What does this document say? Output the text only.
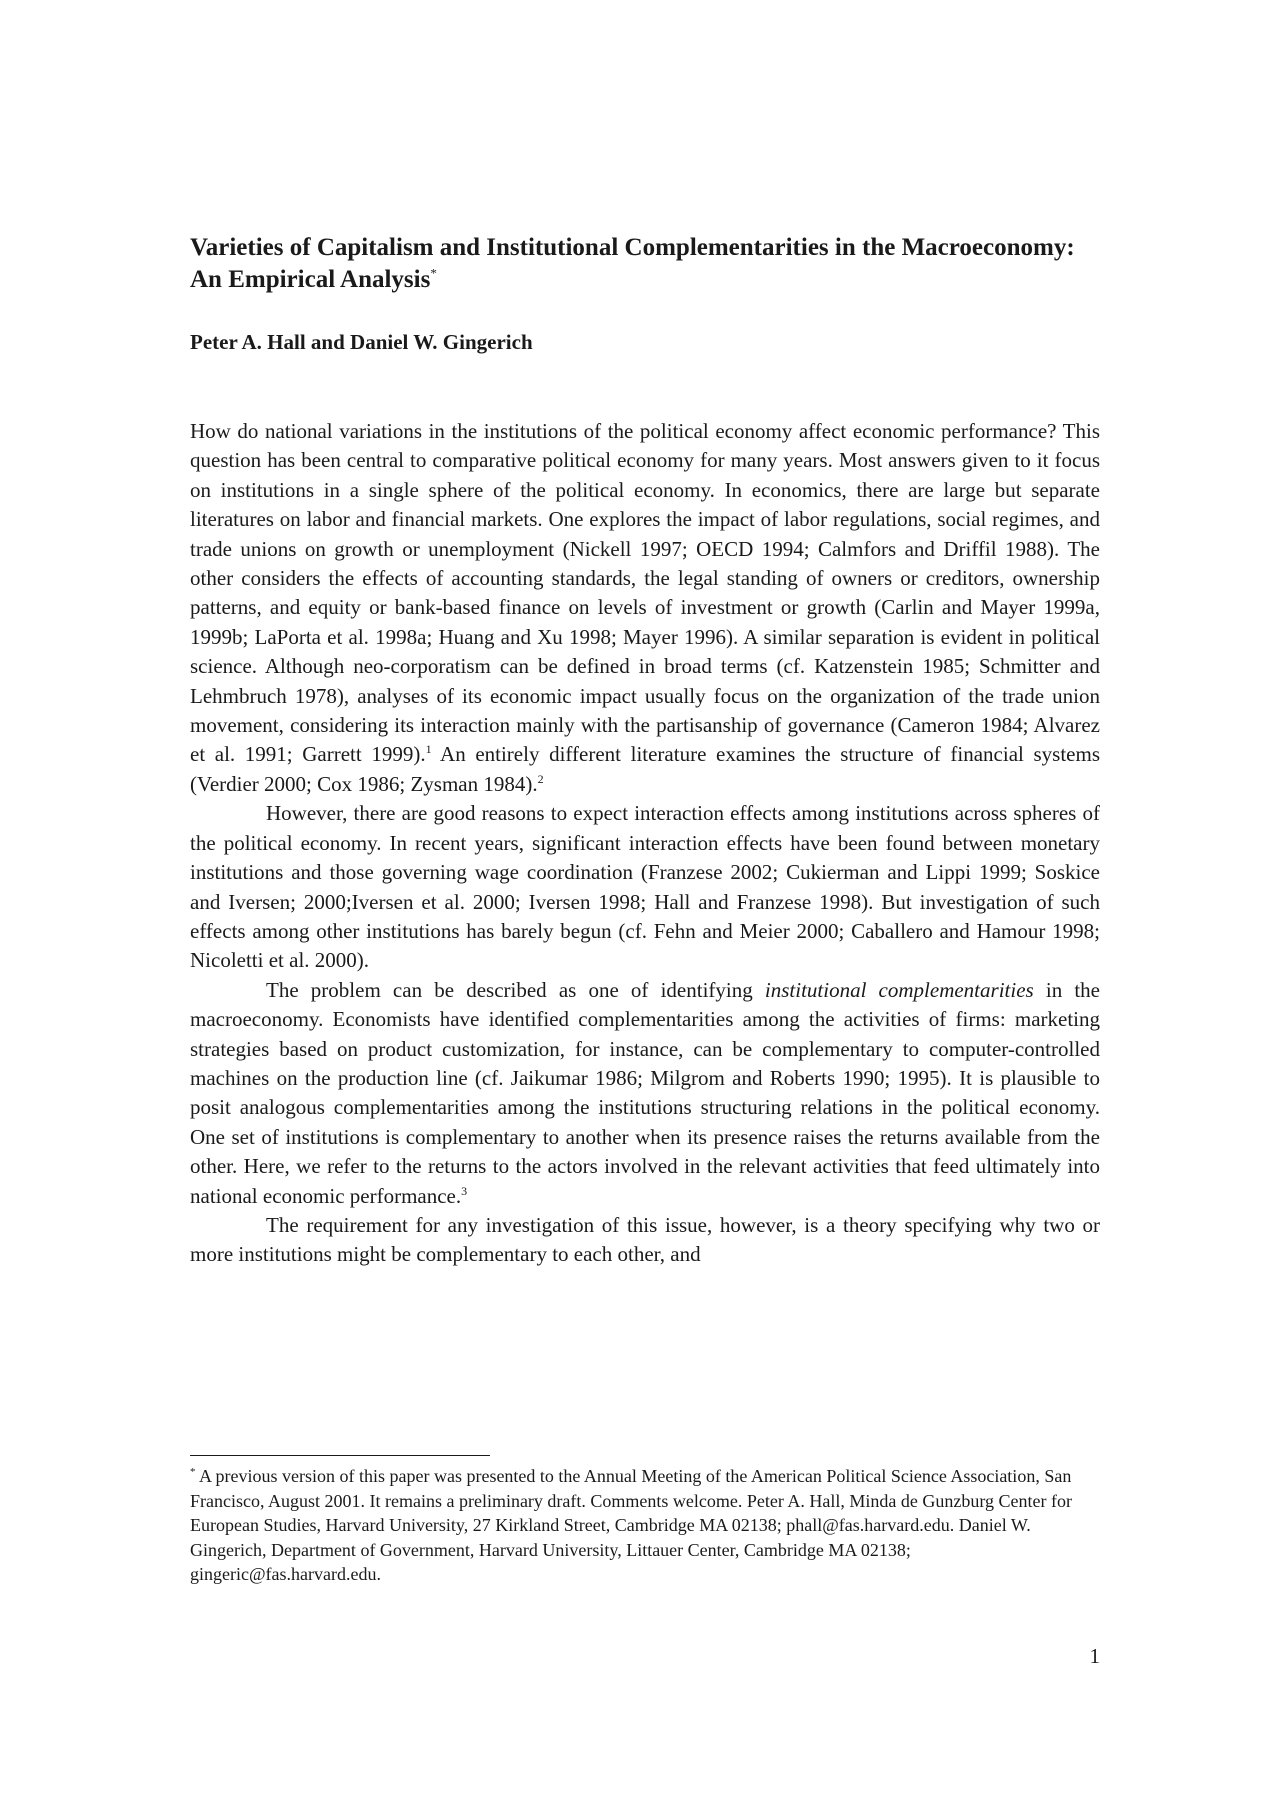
Varieties of Capitalism and Institutional Complementarities in the Macroeconomy: An Empirical Analysis*

Peter A. Hall and Daniel W. Gingerich

How do national variations in the institutions of the political economy affect economic performance? This question has been central to comparative political economy for many years. Most answers given to it focus on institutions in a single sphere of the political economy. In economics, there are large but separate literatures on labor and financial markets. One explores the impact of labor regulations, social regimes, and trade unions on growth or unemployment (Nickell 1997; OECD 1994; Calmfors and Driffil 1988). The other considers the effects of accounting standards, the legal standing of owners or creditors, ownership patterns, and equity or bank-based finance on levels of investment or growth (Carlin and Mayer 1999a, 1999b; LaPorta et al. 1998a; Huang and Xu 1998; Mayer 1996). A similar separation is evident in political science. Although neo-corporatism can be defined in broad terms (cf. Katzenstein 1985; Schmitter and Lehmbruch 1978), analyses of its economic impact usually focus on the organization of the trade union movement, considering its interaction mainly with the partisanship of governance (Cameron 1984; Alvarez et al. 1991; Garrett 1999).$^1$ An entirely different literature examines the structure of financial systems (Verdier 2000; Cox 1986; Zysman 1984).$^2$

However, there are good reasons to expect interaction effects among institutions across spheres of the political economy. In recent years, significant interaction effects have been found between monetary institutions and those governing wage coordination (Franzese 2002; Cukierman and Lippi 1999; Soskice and Iversen; 2000;Iversen et al. 2000; Iversen 1998; Hall and Franzese 1998). But investigation of such effects among other institutions has barely begun (cf. Fehn and Meier 2000; Caballero and Hamour 1998; Nicoletti et al. 2000).

The problem can be described as one of identifying institutional complementarities in the macroeconomy. Economists have identified complementarities among the activities of firms: marketing strategies based on product customization, for instance, can be complementary to computer-controlled machines on the production line (cf. Jaikumar 1986; Milgrom and Roberts 1990; 1995). It is plausible to posit analogous complementarities among the institutions structuring relations in the political economy. One set of institutions is complementary to another when its presence raises the returns available from the other. Here, we refer to the returns to the actors involved in the relevant activities that feed ultimately into national economic performance.$^3$

The requirement for any investigation of this issue, however, is a theory specifying why two or more institutions might be complementary to each other, and

* A previous version of this paper was presented to the Annual Meeting of the American Political Science Association, San Francisco, August 2001. It remains a preliminary draft. Comments welcome. Peter A. Hall, Minda de Gunzburg Center for European Studies, Harvard University, 27 Kirkland Street, Cambridge MA 02138; phall@fas.harvard.edu. Daniel W. Gingerich, Department of Government, Harvard University, Littauer Center, Cambridge MA 02138; gingeric@fas.harvard.edu.

1
